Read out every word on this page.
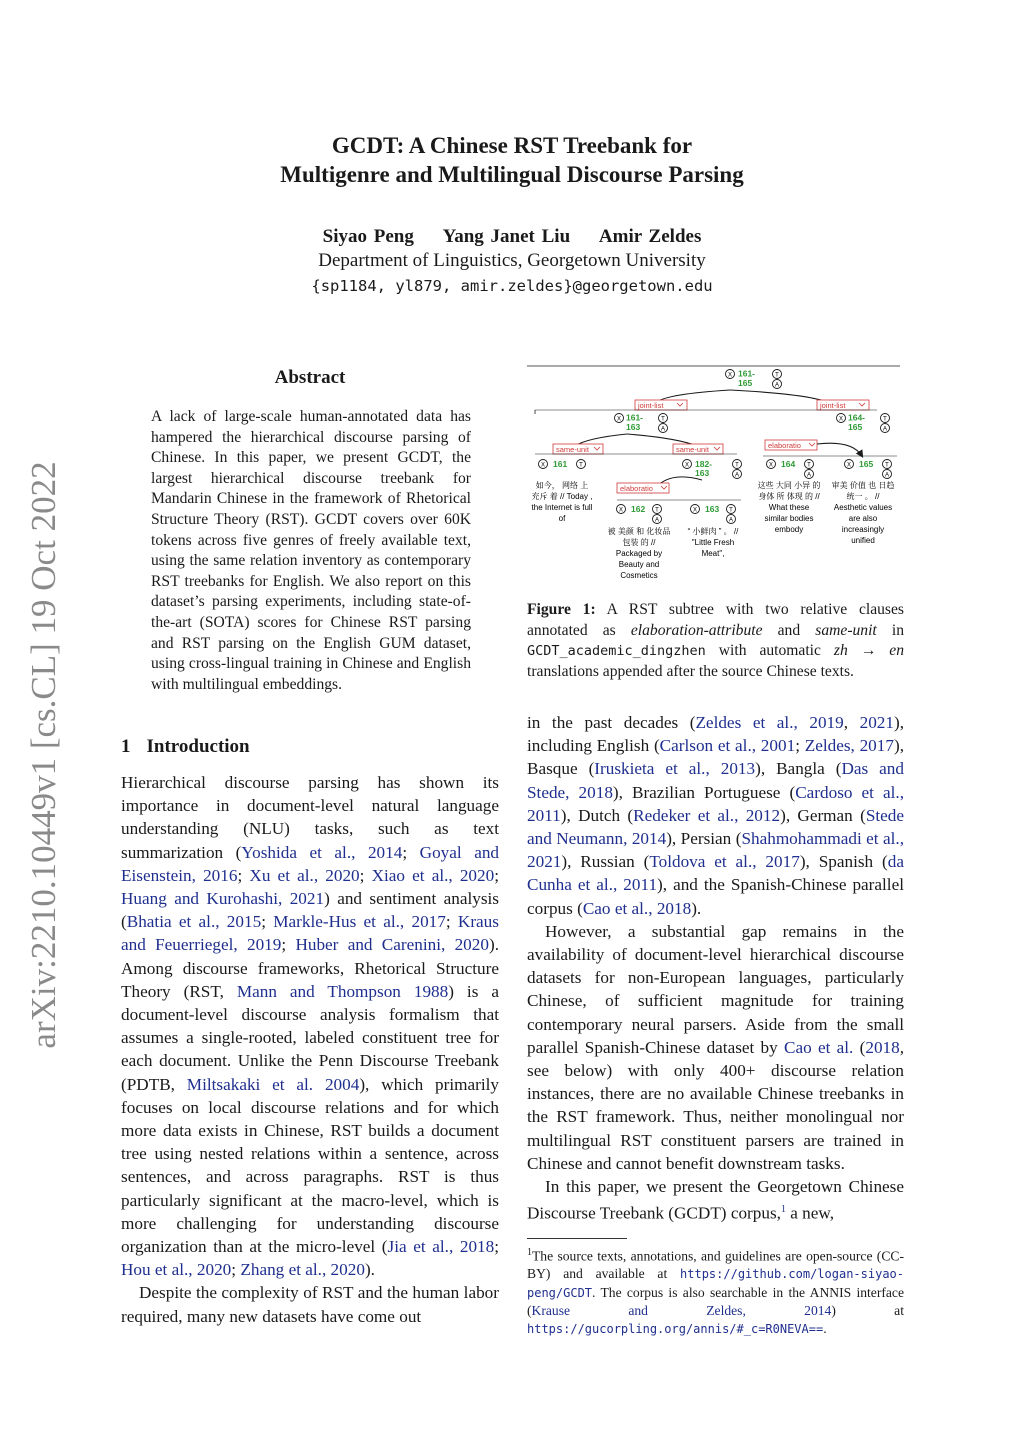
arXiv:2210.10449v1 [cs.CL] 19 Oct 2022
GCDT: A Chinese RST Treebank for
Multigenre and Multilingual Discourse Parsing
Siyao Peng Yang Janet Liu Amir Zeldes
Department of Linguistics, Georgetown University
{sp1184, yl879, amir.zeldes}@georgetown.edu
Abstract
A lack of large-scale human-annotated data has hampered the hierarchical discourse parsing of Chinese. In this paper, we present GCDT, the largest hierarchical discourse treebank for Mandarin Chinese in the framework of Rhetorical Structure Theory (RST). GCDT covers over 60K tokens across five genres of freely available text, using the same relation inventory as contemporary RST treebanks for English. We also report on this dataset’s parsing experiments, including state-of-the-art (SOTA) scores for Chinese RST parsing and RST parsing on the English GUM dataset, using cross-lingual training in Chinese and English with multilingual embeddings.
1 Introduction

Hierarchical discourse parsing has shown its importance in document-level natural language understanding (NLU) tasks, such as text summarization (Yoshida et al., 2014; Goyal and Eisenstein, 2016; Xu et al., 2020; Xiao et al., 2020; Huang and Kurohashi, 2021) and sentiment analysis (Bhatia et al., 2015; Markle-Hus et al., 2017; Kraus and Feuerriegel, 2019; Huber and Carenini, 2020). Among discourse frameworks, Rhetorical Structure Theory (RST, Mann and Thompson 1988) is a document-level discourse analysis formalism that assumes a single-rooted, labeled constituent tree for each document. Unlike the Penn Discourse Treebank (PDTB, Miltsakaki et al. 2004), which primarily focuses on local discourse relations and for which more data exists in Chinese, RST builds a document tree using nested relations within a sentence, across sentences, and across paragraphs. RST is thus particularly significant at the macro-level, which is more challenging for understanding discourse organization than at the micro-level (Jia et al., 2018; Hou et al., 2020; Zhang et al., 2020).

Despite the complexity of RST and the human labor required, many new datasets have come out

X 161-
165
T
A
joint-list	joint-list
X 161-
163
T
A
X 164-
165
T
A
elaboratio
same-unit	same-unit
X 161 T
如今， 网络 上
充斥 着 // Today ,
the Internet is full
of
X 182-
163
T
A
elaboratio
X 164 T
A
这些 大同 小异 的
身体 所 体现 的 //
What these
similar bodies
embody
X 165 T
A
审美 价值 也 日趋
统一 。 //
Aesthetic values
are also
increasingly
unified
X 162 T
A
被 美颜 和 化妆品
包装 的 //
Packaged by
Beauty and
Cosmetics
X 163 T
A
“ 小鲜肉 ” 。 //
"Little Fresh
Meat",
Figure 1: A RST subtree with two relative clauses annotated as elaboration-attribute and same-unit in GCDT_academic_dingzhen with automatic zh → en translations appended after the source Chinese texts.

in the past decades (Zeldes et al., 2019, 2021), including English (Carlson et al., 2001; Zeldes, 2017), Basque (Iruskieta et al., 2013), Bangla (Das and Stede, 2018), Brazilian Portuguese (Cardoso et al., 2011), Dutch (Redeker et al., 2012), German (Stede and Neumann, 2014), Persian (Shahmohammadi et al., 2021), Russian (Toldova et al., 2017), Spanish (da Cunha et al., 2011), and the Spanish-Chinese parallel corpus (Cao et al., 2018).

However, a substantial gap remains in the availability of document-level hierarchical discourse datasets for non-European languages, particularly Chinese, of sufficient magnitude for training contemporary neural parsers. Aside from the small parallel Spanish-Chinese dataset by Cao et al. (2018, see below) with only 400+ discourse relation instances, there are no available Chinese treebanks in the RST framework. Thus, neither monolingual nor multilingual RST constituent parsers are trained in Chinese and cannot benefit downstream tasks.

In this paper, we present the Georgetown Chinese Discourse Treebank (GCDT) corpus,$^1$ a new,

$^1$The source texts, annotations, and guidelines are open-source (CC-BY) and available at https://github.com/logan-siyao-peng/GCDT. The corpus is also searchable in the ANNIS interface (Krause and Zeldes, 2014) at https://gucorpling.org/annis/#_c=R0NEVA==.
